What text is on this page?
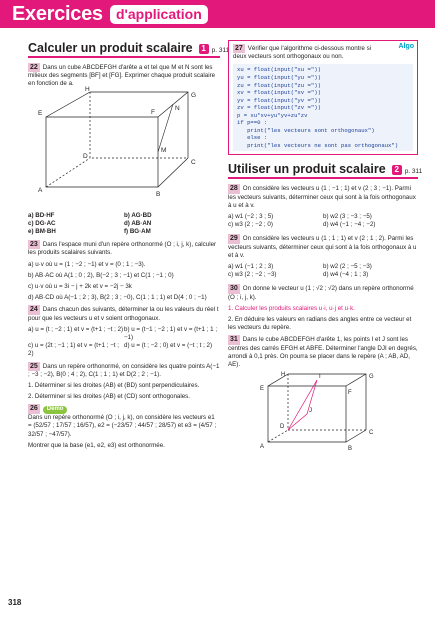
Exercices d'application
Calculer un produit scalaire 1 p. 311

22 Dans un cube ABCDEFGH d'arête a et tel que M et N sont les milieux des segments [BF] et [FG]. Exprimer chaque produit scalaire en fonction de a.

H
G
E	F
N
D
M
C
A
B
a) BD·HF	b) AG·BD
c) DG·AC	d) AB·AN
e) BM·BH	f) BG·AM

23 Dans l'espace muni d'un repère orthonormé (O ; i, j, k), calculer les produits scalaires suivants.

a) u·v où u = (1 ; −2 ; −1) et v = (0 ; 1 ; −3).

b) AB·AC où A(1 ; 0 ; 2), B(−2 ; 3 ; −1) et C(1 ; −1 ; 0)

c) u·v où u = 3i − j + 2k et v = −2j − 3k

d) AB·CD où A(−1 ; 2 ; 3), B(2 ; 3 ; −0), C(1 ; 1 ; 1) et D(4 ; 0 ; −1)

24 Dans chacun des suivants, déterminer la ou les valeurs du réel t pour que les vecteurs u et v soient orthogonaux.

a) u = (t ; −2 ; 1) et v = (t+1 ; −t ; 2) b) u = (t−1 ; −2 ; 1) et v = (t+1 ; 1 ; −1)
c) u = (2t ; −1 ; 1) et v = (t+1 ; −t ; 2)
d) u = (t ; −2 ; 0) et v = (−t ; t ; 2)

25 Dans un repère orthonormé, on considère les quatre points A(−1 ; −3 ; −2), B(0 ; 4 ; 2), C(1 ; 1 ; 1) et D(2 ; 2 ; −1).

1. Déterminer si les droites (AB) et (BD) sont perpendiculaires.

2. Déterminer si les droites (AB) et (CD) sont orthogonales.

26 Démo
Dans un repère orthonormé (O ; i, j, k), on considère les vecteurs e1 = (52/57 ; 17/57 ; 16/57), e2 = (−23/57 ; 44/57 ; 28/57) et e3 = (4/57 ; 32/57 ; −47/57).

Montrer que la base (e1, e2, e3) est orthonormée.

Algo

27 Vérifier que l'algorithme ci-dessous montre si deux vecteurs sont orthogonaux ou non.

xu = float(input("xu ="))
yu = float(input("yu ="))
zu = float(input("zu ="))
xv = float(input("xv ="))
yv = float(input("yv ="))
zv = float(input("zv ="))
p = xu*xv+yu*yv+zu*zv
if p==0 :
print("les vecteurs sont orthogonaux")
else :
print("les vecteurs ne sont pas orthogonaux")
Utiliser un produit scalaire 2 p. 311

28 On considère les vecteurs u (1 ; −1 ; 1) et v (2 ; 3 ; −1). Parmi les vecteurs suivants, déterminer ceux qui sont à la fois orthogonaux à u et à v.

a) w1 (−2 ; 3 ; 5)	b) w2 (3 ; −3 ; −5)
c) w3 (2 ; −2 ; 0)	d) w4 (−1 ; −4 ; −2)

29 On considère les vecteurs u (1 ; 1 ; 1) et v (2 ; 1 ; 2). Parmi les vecteurs suivants, déterminer ceux qui sont à la fois orthogonaux à u et à v.

a) w1 (−1 ; 2 ; 3)	b) w2 (2 ; −5 ; −3)
c) w3 (2 ; −2 ; −3)	d) w4 (−4 ; 1 ; 3)

30 On donne le vecteur u (1 ; √2 ; √2) dans un repère orthonormé (O ; i, j, k).

1. Calculer les produits scalaires u·i, u·j et u·k.

2. En déduire les valeurs en radians des angles entre ce vecteur et les vecteurs du repère.

31 Dans le cube ABCDEFGH d'arête 1, les points I et J sont les centres des carrés EFGH et ABFE. Déterminer l'angle DJI en degrés, arrondi à 0,1 près. On pourra se placer dans le repère (A ; AB, AD, AE).

H	I	G
E
F
J
D
C
A	B
318
